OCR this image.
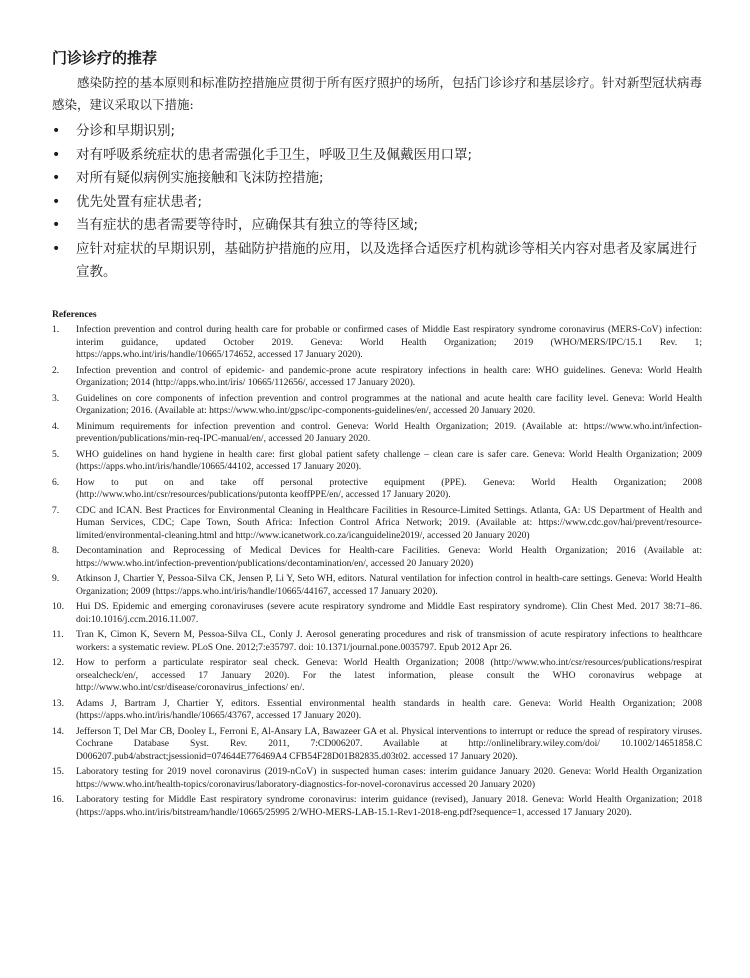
门诊诊疗的推荐

感染防控的基本原则和标准防控措施应贯彻于所有医疗照护的场所，包括门诊诊疗和基层诊疗。针对新型冠状病毒感染，建议采取以下措施:

• 分诊和早期识别;
• 对有呼吸系统症状的患者需强化手卫生，呼吸卫生及佩戴医用口罩;
• 对所有疑似病例实施接触和飞沫防控措施;
• 优先处置有症状患者;
• 当有症状的患者需要等待时，应确保其有独立的等待区域;
• 应针对症状的早期识别，基础防护措施的应用，以及选择合适医疗机构就诊等相关内容对患者及家属进行宣教。
References
1.	Infection prevention and control during health care for probable or confirmed cases of Middle East respiratory syndrome coronavirus (MERS-CoV) infection: interim guidance, updated October 2019. Geneva: World Health Organization; 2019 (WHO/MERS/IPC/15.1 Rev. 1; https://apps.who.int/iris/handle/10665/174652, accessed 17 January 2020).
2.	Infection prevention and control of epidemic- and pandemic-prone acute respiratory infections in health care: WHO guidelines. Geneva: World Health Organization; 2014 (http://apps.who.int/iris/ 10665/112656/, accessed 17 January 2020).
3.	Guidelines on core components of infection prevention and control programmes at the national and acute health care facility level. Geneva: World Health Organization; 2016. (Available at: https://www.who.int/gpsc/ipc-components-guidelines/en/, accessed 20 January 2020.
4.	Minimum requirements for infection prevention and control. Geneva: World Health Organization; 2019. (Available at: https://www.who.int/infection-prevention/publications/min-req-IPC-manual/en/, accessed 20 January 2020.
5.	WHO guidelines on hand hygiene in health care: first global patient safety challenge – clean care is safer care. Geneva: World Health Organization; 2009 (https://apps.who.int/iris/handle/10665/44102, accessed 17 January 2020).
6.	How to put on and take off personal protective equipment (PPE). Geneva: World Health Organization; 2008 (http://www.who.int/csr/resources/publications/putonta keoffPPE/en/, accessed 17 January 2020).
7.	CDC and ICAN. Best Practices for Environmental Cleaning in Healthcare Facilities in Resource-Limited Settings. Atlanta, GA: US Department of Health and Human Services, CDC; Cape Town, South Africa: Infection Control Africa Network; 2019. (Available at: https://www.cdc.gov/hai/prevent/resource-limited/environmental-cleaning.html and http://www.icanetwork.co.za/icanguideline2019/, accessed 20 January 2020)
8.	Decontamination and Reprocessing of Medical Devices for Health-care Facilities. Geneva: World Health Organization; 2016 (Available at: https://www.who.int/infection-prevention/publications/decontamination/en/, accessed 20 January 2020)
9.	Atkinson J, Chartier Y, Pessoa-Silva CK, Jensen P, Li Y, Seto WH, editors. Natural ventilation for infection control in health-care settings. Geneva: World Health Organization; 2009 (https://apps.who.int/iris/handle/10665/44167, accessed 17 January 2020).
10.	Hui DS. Epidemic and emerging coronaviruses (severe acute respiratory syndrome and Middle East respiratory syndrome). Clin Chest Med. 2017 38:71–86. doi:10.1016/j.ccm.2016.11.007.
11.	Tran K, Cimon K, Severn M, Pessoa-Silva CL, Conly J. Aerosol generating procedures and risk of transmission of acute respiratory infections to healthcare workers: a systematic review. PLoS One. 2012;7:e35797. doi: 10.1371/journal.pone.0035797. Epub 2012 Apr 26.
12.	How to perform a particulate respirator seal check. Geneva: World Health Organization; 2008 (http://www.who.int/csr/resources/publications/respirat orsealcheck/en/, accessed 17 January 2020). For the latest information, please consult the WHO coronavirus webpage at http://www.who.int/csr/disease/coronavirus_infections/ en/.
13.	Adams J, Bartram J, Chartier Y, editors. Essential environmental health standards in health care. Geneva: World Health Organization; 2008 (https://apps.who.int/iris/handle/10665/43767, accessed 17 January 2020).
14.	Jefferson T, Del Mar CB, Dooley L, Ferroni E, Al-Ansary LA, Bawazeer GA et al. Physical interventions to interrupt or reduce the spread of respiratory viruses. Cochrane Database Syst. Rev. 2011, 7:CD006207. Available at http://onlinelibrary.wiley.com/doi/ 10.1002/14651858.C D006207.pub4/abstract;jsessionid=074644E776469A4 CFB54F28D01B82835.d03t02. accessed 17 January 2020).
15.	Laboratory testing for 2019 novel coronavirus (2019-nCoV) in suspected human cases: interim guidance January 2020. Geneva: World Health Organization https://www.who.int/health-topics/coronavirus/laboratory-diagnostics-for-novel-coronavirus accessed 20 January 2020)
16.	Laboratory testing for Middle East respiratory syndrome coronavirus: interim guidance (revised), January 2018. Geneva: World Health Organization; 2018 (https://apps.who.int/iris/bitstream/handle/10665/25995 2/WHO-MERS-LAB-15.1-Rev1-2018-eng.pdf?sequence=1, accessed 17 January 2020).
